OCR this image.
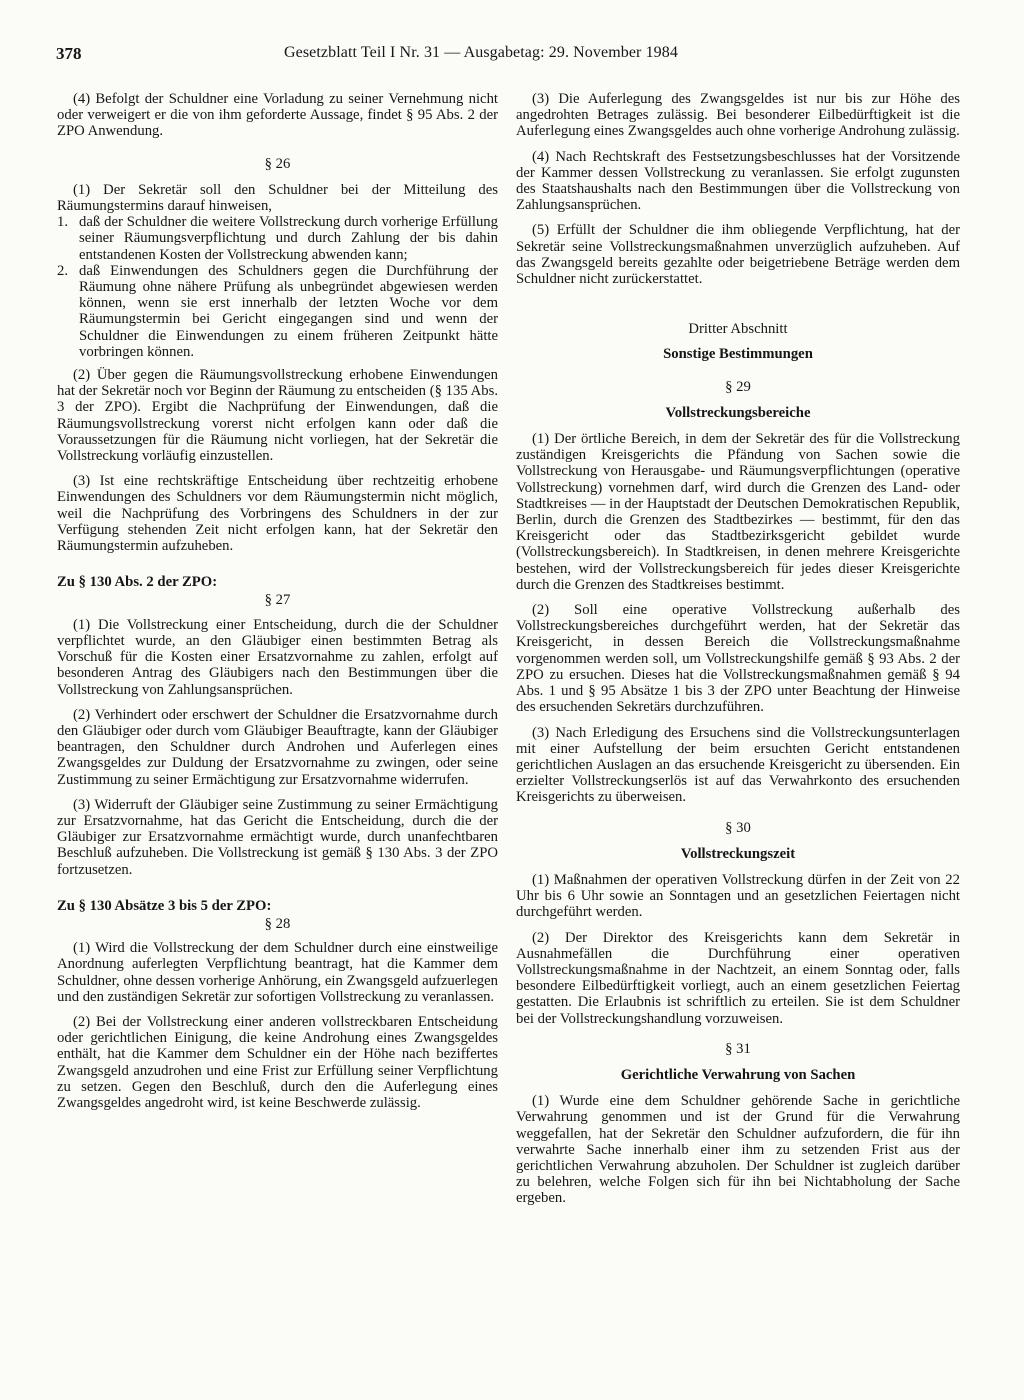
378	Gesetzblatt Teil I Nr. 31 — Ausgabetag: 29. November 1984

(4) Befolgt der Schuldner eine Vorladung zu seiner Vernehmung nicht oder verweigert er die von ihm geforderte Aussage, findet § 95 Abs. 2 der ZPO Anwendung.

§ 26

(1) Der Sekretär soll den Schuldner bei der Mitteilung des Räumungstermins darauf hinweisen,

1. daß der Schuldner die weitere Vollstreckung durch vorherige Erfüllung seiner Räumungsverpflichtung und durch Zahlung der bis dahin entstandenen Kosten der Vollstreckung abwenden kann;
2. daß Einwendungen des Schuldners gegen die Durchführung der Räumung ohne nähere Prüfung als unbegründet abgewiesen werden können, wenn sie erst innerhalb der letzten Woche vor dem Räumungstermin bei Gericht eingegangen sind und wenn der Schuldner die Einwendungen zu einem früheren Zeitpunkt hätte vorbringen können.

(2) Über gegen die Räumungsvollstreckung erhobene Einwendungen hat der Sekretär noch vor Beginn der Räumung zu entscheiden (§ 135 Abs. 3 der ZPO). Ergibt die Nachprüfung der Einwendungen, daß die Räumungsvollstreckung vorerst nicht erfolgen kann oder daß die Voraussetzungen für die Räumung nicht vorliegen, hat der Sekretär die Vollstreckung vorläufig einzustellen.

(3) Ist eine rechtskräftige Entscheidung über rechtzeitig erhobene Einwendungen des Schuldners vor dem Räumungstermin nicht möglich, weil die Nachprüfung des Vorbringens des Schuldners in der zur Verfügung stehenden Zeit nicht erfolgen kann, hat der Sekretär den Räumungstermin aufzuheben.

Zu § 130 Abs. 2 der ZPO:

§ 27

(1) Die Vollstreckung einer Entscheidung, durch die der Schuldner verpflichtet wurde, an den Gläubiger einen bestimmten Betrag als Vorschuß für die Kosten einer Ersatzvornahme zu zahlen, erfolgt auf besonderen Antrag des Gläubigers nach den Bestimmungen über die Vollstreckung von Zahlungsansprüchen.

(2) Verhindert oder erschwert der Schuldner die Ersatzvornahme durch den Gläubiger oder durch vom Gläubiger Beauftragte, kann der Gläubiger beantragen, den Schuldner durch Androhen und Auferlegen eines Zwangsgeldes zur Duldung der Ersatzvornahme zu zwingen, oder seine Zustimmung zu seiner Ermächtigung zur Ersatzvornahme widerrufen.

(3) Widerruft der Gläubiger seine Zustimmung zu seiner Ermächtigung zur Ersatzvornahme, hat das Gericht die Entscheidung, durch die der Gläubiger zur Ersatzvornahme ermächtigt wurde, durch unanfechtbaren Beschluß aufzuheben. Die Vollstreckung ist gemäß § 130 Abs. 3 der ZPO fortzusetzen.

Zu § 130 Absätze 3 bis 5 der ZPO:

§ 28

(1) Wird die Vollstreckung der dem Schuldner durch eine einstweilige Anordnung auferlegten Verpflichtung beantragt, hat die Kammer dem Schuldner, ohne dessen vorherige Anhörung, ein Zwangsgeld aufzuerlegen und den zuständigen Sekretär zur sofortigen Vollstreckung zu veranlassen.

(2) Bei der Vollstreckung einer anderen vollstreckbaren Entscheidung oder gerichtlichen Einigung, die keine Androhung eines Zwangsgeldes enthält, hat die Kammer dem Schuldner ein der Höhe nach beziffertes Zwangsgeld anzudrohen und eine Frist zur Erfüllung seiner Verpflichtung zu setzen. Gegen den Beschluß, durch den die Auferlegung eines Zwangsgeldes angedroht wird, ist keine Beschwerde zulässig.

(3) Die Auferlegung des Zwangsgeldes ist nur bis zur Höhe des angedrohten Betrages zulässig. Bei besonderer Eilbedürftigkeit ist die Auferlegung eines Zwangsgeldes auch ohne vorherige Androhung zulässig.

(4) Nach Rechtskraft des Festsetzungsbeschlusses hat der Vorsitzende der Kammer dessen Vollstreckung zu veranlassen. Sie erfolgt zugunsten des Staatshaushalts nach den Bestimmungen über die Vollstreckung von Zahlungsansprüchen.

(5) Erfüllt der Schuldner die ihm obliegende Verpflichtung, hat der Sekretär seine Vollstreckungsmaßnahmen unverzüglich aufzuheben. Auf das Zwangsgeld bereits gezahlte oder beigetriebene Beträge werden dem Schuldner nicht zurückerstattet.

Dritter Abschnitt

Sonstige Bestimmungen

§ 29

Vollstreckungsbereiche

(1) Der örtliche Bereich, in dem der Sekretär des für die Vollstreckung zuständigen Kreisgerichts die Pfändung von Sachen sowie die Vollstreckung von Herausgabe- und Räumungsverpflichtungen (operative Vollstreckung) vornehmen darf, wird durch die Grenzen des Land- oder Stadtkreises — in der Hauptstadt der Deutschen Demokratischen Republik, Berlin, durch die Grenzen des Stadtbezirkes — bestimmt, für den das Kreisgericht oder das Stadtbezirksgericht gebildet wurde (Vollstreckungsbereich). In Stadtkreisen, in denen mehrere Kreisgerichte bestehen, wird der Vollstreckungsbereich für jedes dieser Kreisgerichte durch die Grenzen des Stadtkreises bestimmt.

(2) Soll eine operative Vollstreckung außerhalb des Vollstreckungsbereiches durchgeführt werden, hat der Sekretär das Kreisgericht, in dessen Bereich die Vollstreckungsmaßnahme vorgenommen werden soll, um Vollstreckungshilfe gemäß § 93 Abs. 2 der ZPO zu ersuchen. Dieses hat die Vollstreckungsmaßnahmen gemäß § 94 Abs. 1 und § 95 Absätze 1 bis 3 der ZPO unter Beachtung der Hinweise des ersuchenden Sekretärs durchzuführen.

(3) Nach Erledigung des Ersuchens sind die Vollstreckungsunterlagen mit einer Aufstellung der beim ersuchten Gericht entstandenen gerichtlichen Auslagen an das ersuchende Kreisgericht zu übersenden. Ein erzielter Vollstreckungserlös ist auf das Verwahrkonto des ersuchenden Kreisgerichts zu überweisen.

§ 30

Vollstreckungszeit

(1) Maßnahmen der operativen Vollstreckung dürfen in der Zeit von 22 Uhr bis 6 Uhr sowie an Sonntagen und an gesetzlichen Feiertagen nicht durchgeführt werden.

(2) Der Direktor des Kreisgerichts kann dem Sekretär in Ausnahmefällen die Durchführung einer operativen Vollstreckungsmaßnahme in der Nachtzeit, an einem Sonntag oder, falls besondere Eilbedürftigkeit vorliegt, auch an einem gesetzlichen Feiertag gestatten. Die Erlaubnis ist schriftlich zu erteilen. Sie ist dem Schuldner bei der Vollstreckungshandlung vorzuweisen.

§ 31

Gerichtliche Verwahrung von Sachen

(1) Wurde eine dem Schuldner gehörende Sache in gerichtliche Verwahrung genommen und ist der Grund für die Verwahrung weggefallen, hat der Sekretär den Schuldner aufzufordern, die für ihn verwahrte Sache innerhalb einer ihm zu setzenden Frist aus der gerichtlichen Verwahrung abzuholen. Der Schuldner ist zugleich darüber zu belehren, welche Folgen sich für ihn bei Nichtabholung der Sache ergeben.
